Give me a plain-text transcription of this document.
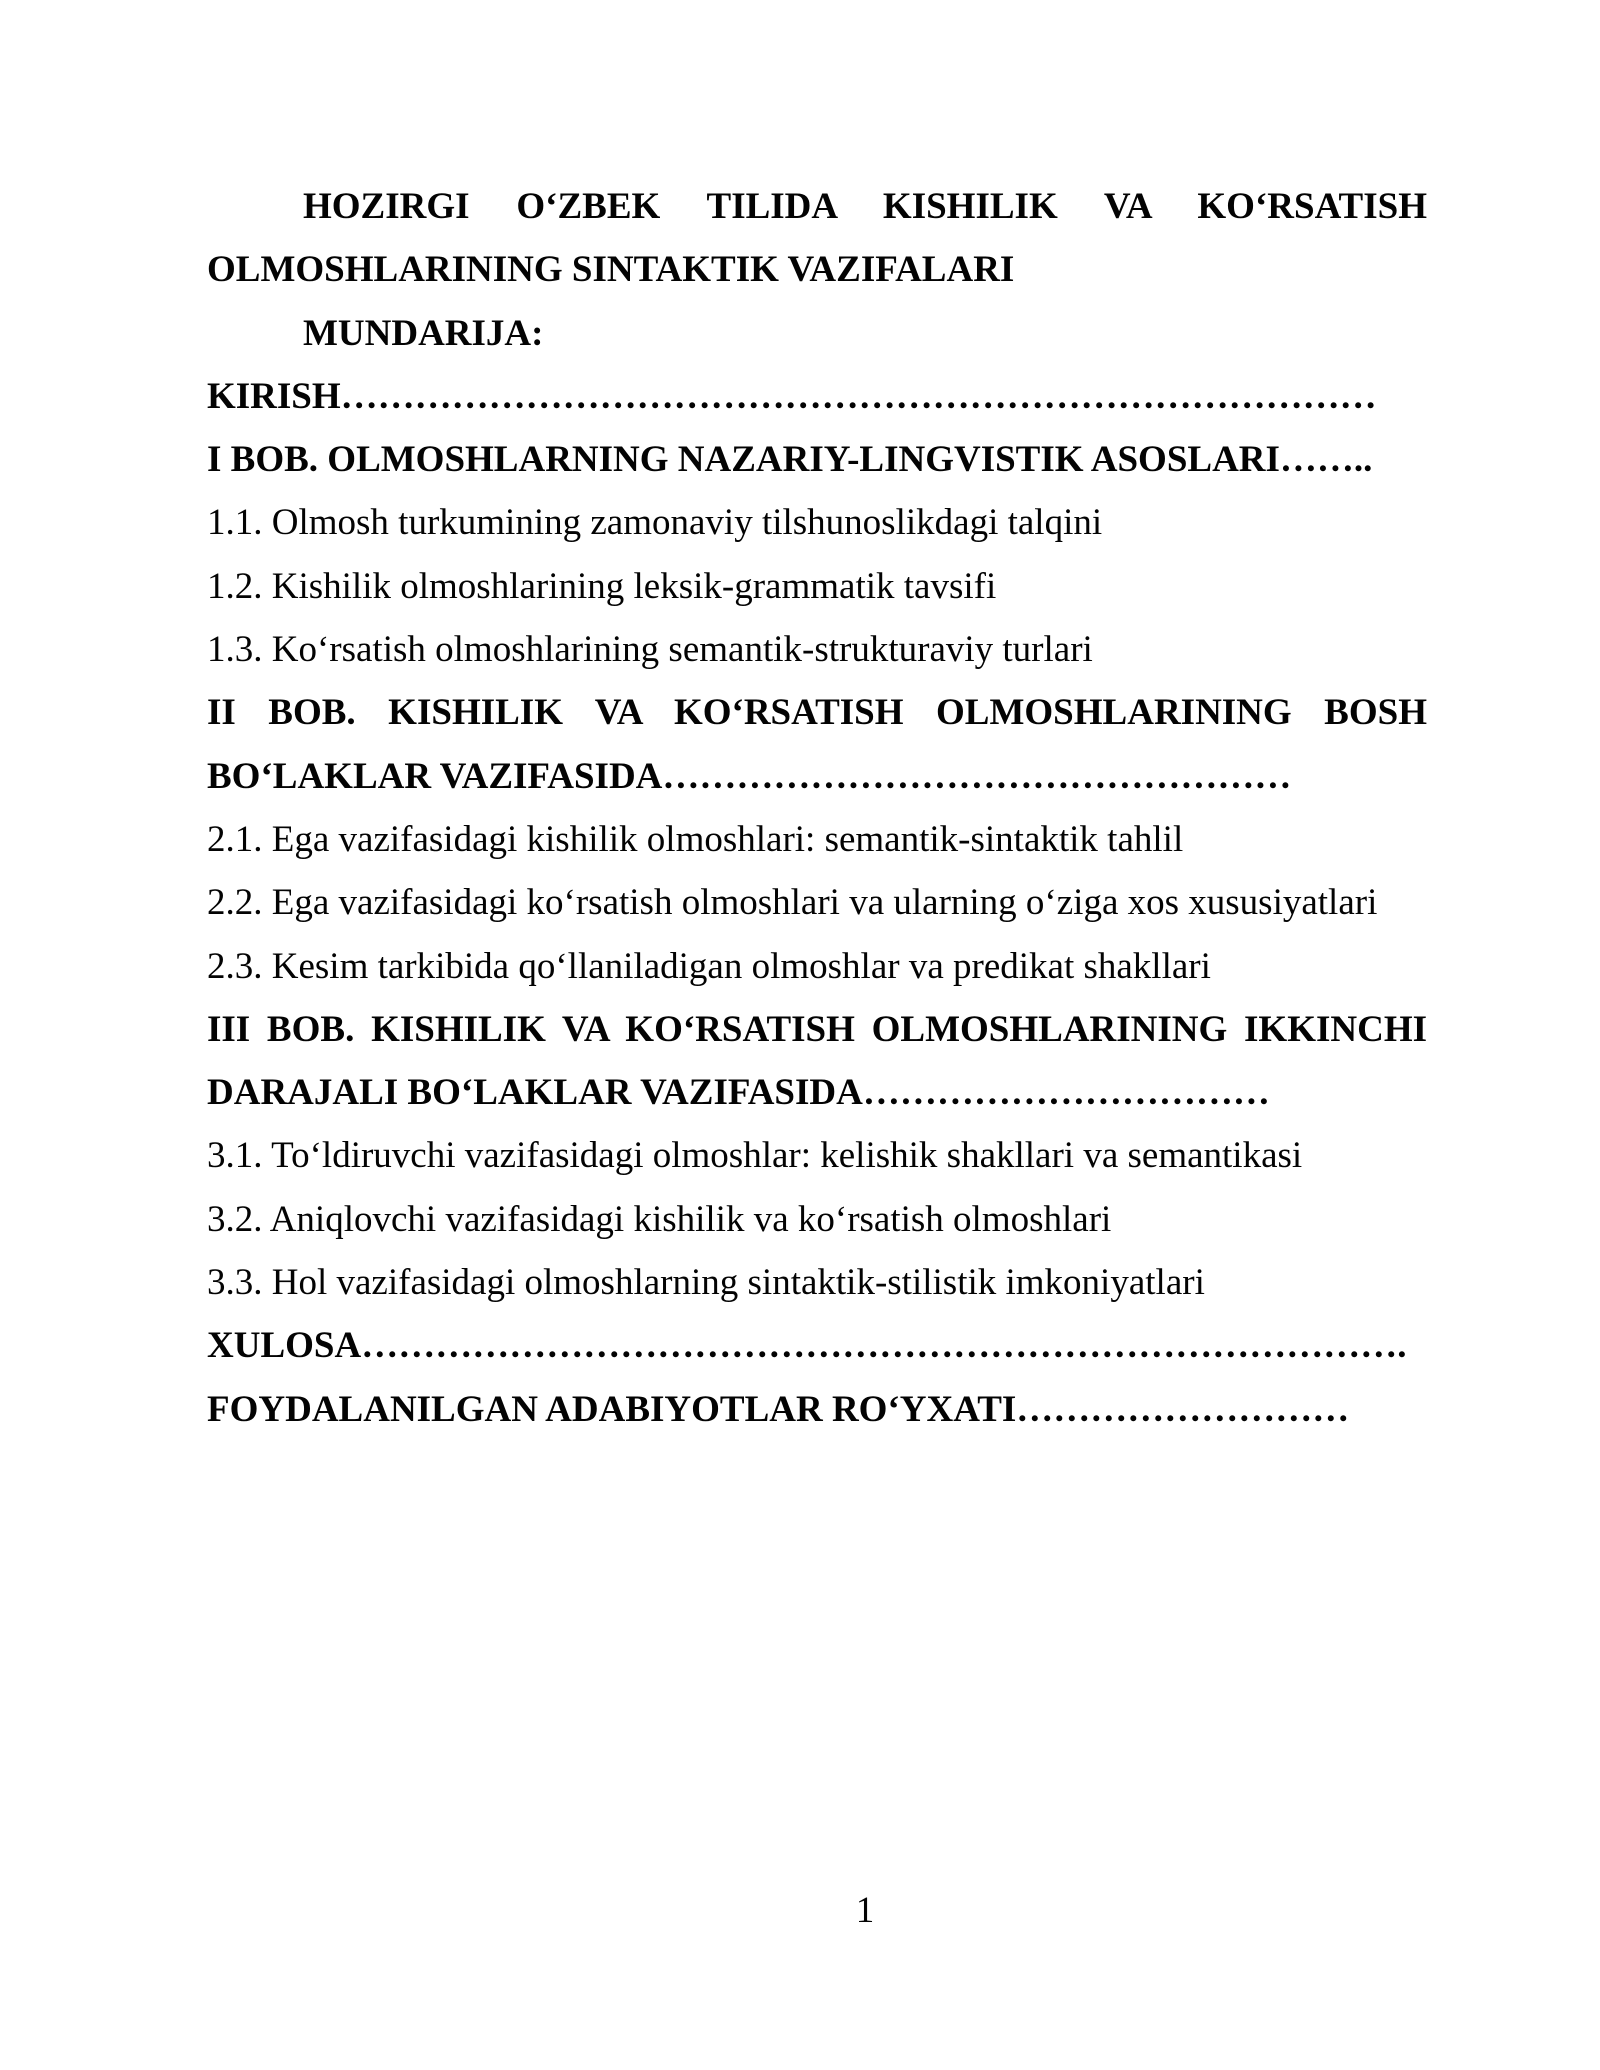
HOZIRGI O‘ZBEK TILIDA KISHILIK VA KO‘RSATISH
OLMOSHLARINING SINTAKTIK VAZIFALARI
MUNDARIJA:
KIRISH…………………………………………………………………………
I BOB. OLMOSHLARNING NAZARIY-LINGVISTIK ASOSLARI……..
1.1. Olmosh turkumining zamonaviy tilshunoslikdagi talqini
1.2. Kishilik olmoshlarining leksik-grammatik tavsifi
1.3. Ko‘rsatish olmoshlarining semantik-strukturaviy turlari
II BOB. KISHILIK VA KO‘RSATISH OLMOSHLARINING BOSH
BO‘LAKLAR VAZIFASIDA……………………………………………
2.1. Ega vazifasidagi kishilik olmoshlari: semantik-sintaktik tahlil
2.2. Ega vazifasidagi ko‘rsatish olmoshlari va ularning o‘ziga xos xususiyatlari
2.3. Kesim tarkibida qo‘llaniladigan olmoshlar va predikat shakllari
III BOB. KISHILIK VA KO‘RSATISH OLMOSHLARINING IKKINCHI
DARAJALI BO‘LAKLAR VAZIFASIDA……………………………
3.1. To‘ldiruvchi vazifasidagi olmoshlar: kelishik shakllari va semantikasi
3.2. Aniqlovchi vazifasidagi kishilik va ko‘rsatish olmoshlari
3.3. Hol vazifasidagi olmoshlarning sintaktik-stilistik imkoniyatlari
XULOSA………………………………………………………………………….
FOYDALANILGAN ADABIYOTLAR RO‘YXATI………………………
1
